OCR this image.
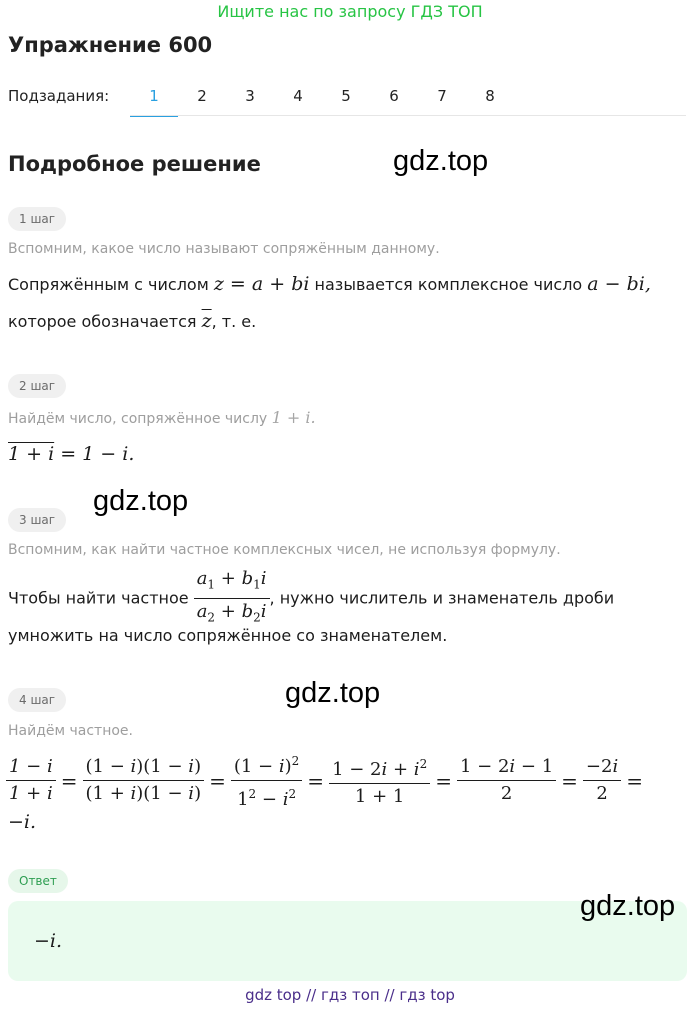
Ищите нас по запросу ГДЗ ТОП
Упражнение 600
Подзадания:	1	2	3	4	5	6	7	8
Подробное решение	gdz.top
1 шаг
Вспомним, какое число называют сопряжённым данному.
Сопряжённым с числом z = a + bi называется комплексное число a − bi,
которое обозначается $\overline{z}$, т. е.
2 шаг
Найдём число, сопряжённое числу 1 + i.
1 + i = 1 − i.
gdz.top
3 шаг
Вспомним, как найти частное комплексных чисел, не используя формулу.
Чтобы найти частное $\frac{a_1 + b_1i}{a_2 + b_2i}$ , нужно числитель и знаменатель дроби
умножить на число сопряжённое со знаменателем.
gdz.top
4 шаг
Найдём частное.
$\frac{1 - i}{1 + i} = \frac{(1 - i)(1 - i)}{(1 + i)(1 - i)} = \frac{(1 - i)^2}{1^2 - i^2} = \frac{1 - 2i + i^2}{1 + 1} = \frac{1 - 2i - 1}{2} = \frac{-2i}{2}$ =
−i.
Ответ
−i.
gdz.top
gdz top // гдз топ // гдз top
